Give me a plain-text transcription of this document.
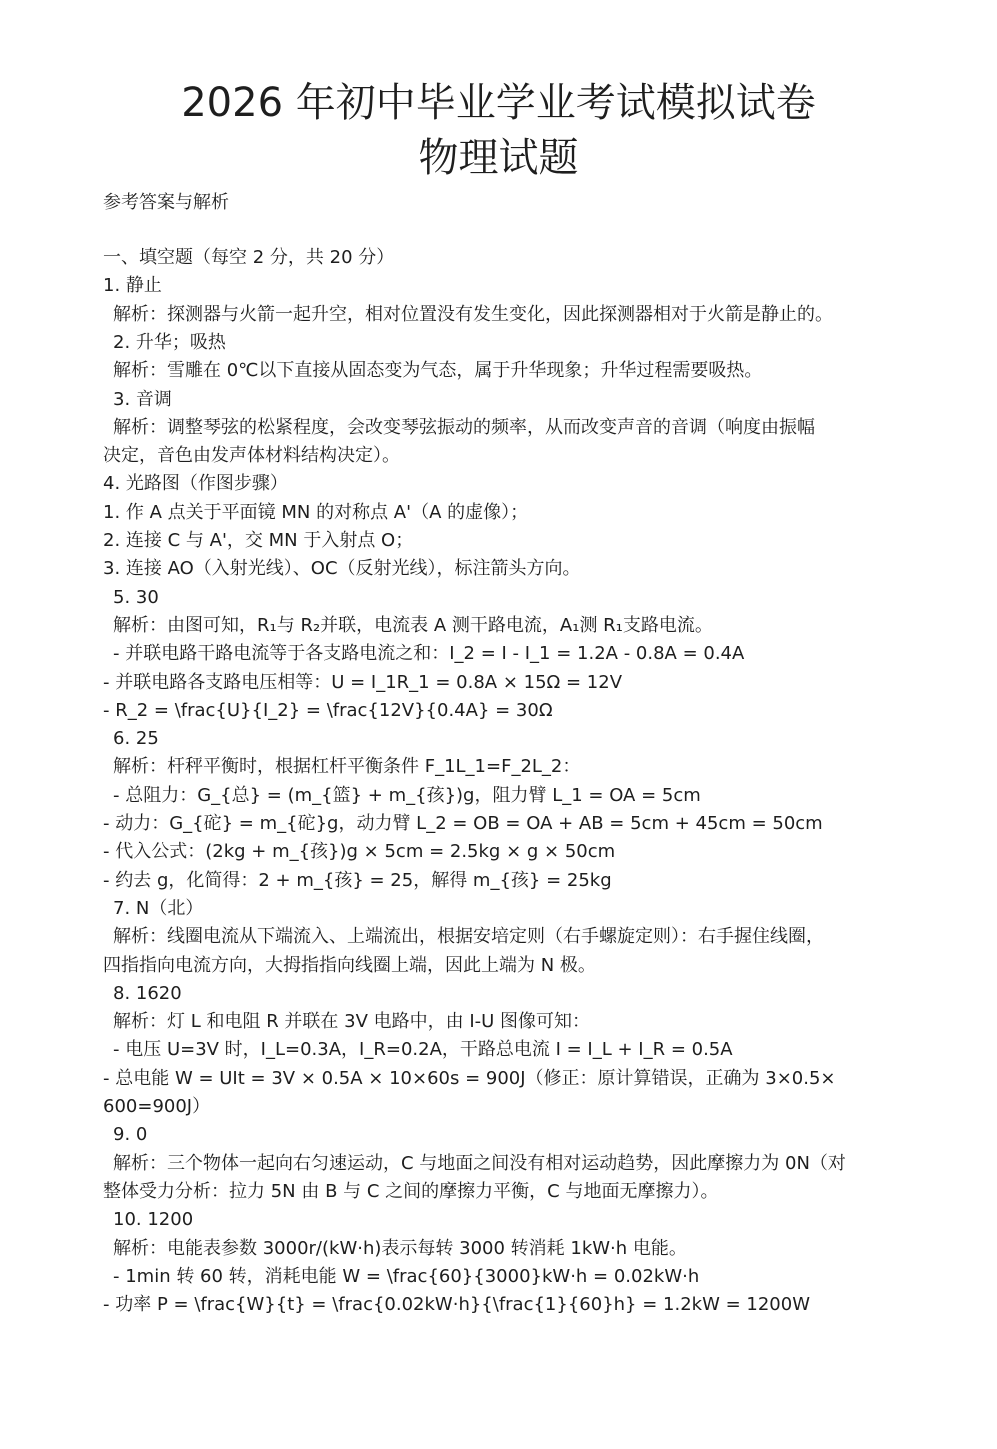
2026 年初中毕业学业考试模拟试卷
物理试题
参考答案与解析
一、填空题（每空 2 分，共 20 分）
1. 静止
解析：探测器与火箭一起升空，相对位置没有发生变化，因此探测器相对于火箭是静止的。
2. 升华；吸热
解析：雪雕在 0℃以下直接从固态变为气态，属于升华现象；升华过程需要吸热。
3. 音调
解析：调整琴弦的松紧程度，会改变琴弦振动的频率，从而改变声音的音调（响度由振幅
决定，音色由发声体材料结构决定）。
4. 光路图（作图步骤）
1. 作 A 点关于平面镜 MN 的对称点 A'（A 的虚像）；
2. 连接 C 与 A'，交 MN 于入射点 O；
3. 连接 AO（入射光线）、OC（反射光线），标注箭头方向。
5. 30
解析：由图可知，R₁与 R₂并联，电流表 A 测干路电流，A₁测 R₁支路电流。
- 并联电路干路电流等于各支路电流之和：I_2 = I - I_1 = 1.2A - 0.8A = 0.4A
- 并联电路各支路电压相等：U = I_1R_1 = 0.8A × 15Ω = 12V
- R_2 = \frac{U}{I_2} = \frac{12V}{0.4A} = 30Ω
6. 25
解析：杆秤平衡时，根据杠杆平衡条件 F_1L_1=F_2L_2：
- 总阻力：G_{总} = (m_{篮} + m_{孩})g，阻力臂 L_1 = OA = 5cm
- 动力：G_{砣} = m_{砣}g，动力臂 L_2 = OB = OA + AB = 5cm + 45cm = 50cm
- 代入公式：(2kg + m_{孩})g × 5cm = 2.5kg × g × 50cm
- 约去 g，化简得：2 + m_{孩} = 25，解得 m_{孩} = 25kg
7. N（北）
解析：线圈电流从下端流入、上端流出，根据安培定则（右手螺旋定则）：右手握住线圈，
四指指向电流方向，大拇指指向线圈上端，因此上端为 N 极。
8. 1620
解析：灯 L 和电阻 R 并联在 3V 电路中，由 I-U 图像可知：
- 电压 U=3V 时，I_L=0.3A，I_R=0.2A，干路总电流 I = I_L + I_R = 0.5A
- 总电能 W = UIt = 3V × 0.5A × 10×60s = 900J（修正：原计算错误，正确为 3×0.5×
600=900J）
9. 0
解析：三个物体一起向右匀速运动，C 与地面之间没有相对运动趋势，因此摩擦力为 0N（对
整体受力分析：拉力 5N 由 B 与 C 之间的摩擦力平衡，C 与地面无摩擦力）。
10. 1200
解析：电能表参数 3000r/(kW·h)表示每转 3000 转消耗 1kW·h 电能。
- 1min 转 60 转，消耗电能 W = \frac{60}{3000}kW·h = 0.02kW·h
- 功率 P = \frac{W}{t} = \frac{0.02kW·h}{\frac{1}{60}h} = 1.2kW = 1200W
